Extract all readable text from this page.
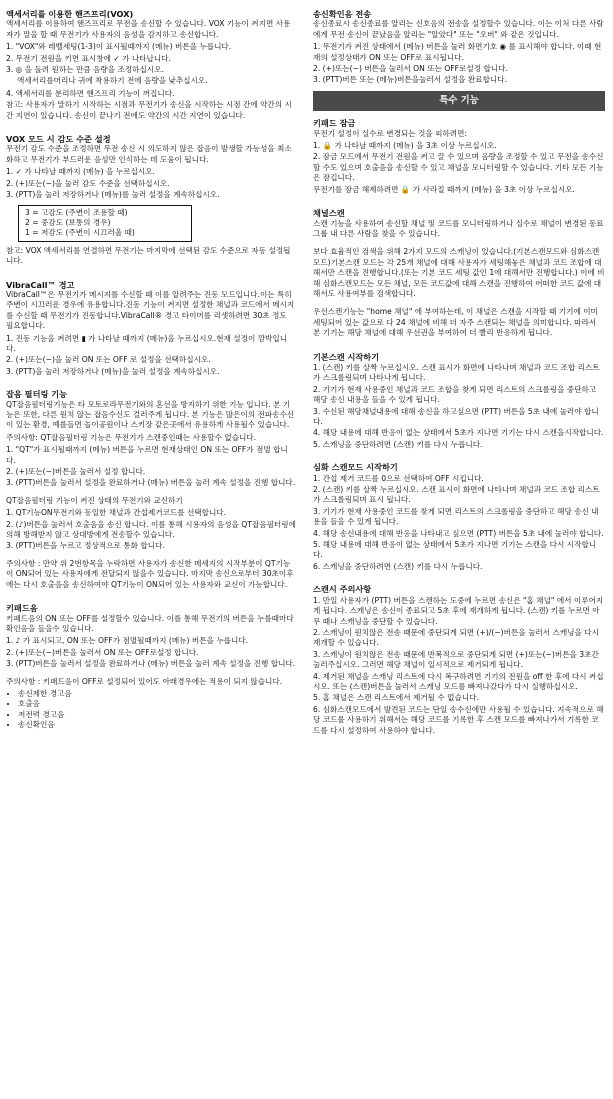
액세서리를 이용한 핸즈프리(VOX)
액세서리를 이용하여 핸즈프리로 무전을 송신할 수 있습니다. VOX 기능이 켜지면 사용자가 말을 할 때 무전기가 사용자의 음성을 감지하고 송신합니다.
1. "VOX"와 레벨세팅(1-3)이 표시될때까지 (메뉴) 버튼을 누릅니다.
2. 무전기 전원을 키면 표시창에 ✓ 가 나타납니다.
3. ◎ 을 돌려 원하는 만큼 음량을 조정하십시오.
액세서리를머리나 귀에 착용하기 전에 음량을 낮추십시오.
4. 액세서리를 분리하면 핸즈프리 기능이 꺼집니다.
참고: 사용자가 말하기 시작하는 시점과 무전기가 송신을 시작하는 시점 간에 약간의 시간 지연이 있습니다. 송신이 끝나기 전에도 약간의 시간 지연이 있습니다.
VOX 모드 시 감도 수준 설정
무전기 감도 수준을 조정하면 무전 송신 시 의도하지 않은 잡음이 발생할 가능성을 최소화하고 무전기가 부드러운 음성만 인식하는 데 도움이 됩니다.
1. ✓ 가 나타날 때까지 (메뉴) 을 누르십시오.
2. (+)또는(−)을 눌러 감도 수준을 선택하십시오.
3. (PTT)을 눌러 저장하거나 (메뉴)를 눌러 설정을 계속하십시오.
3 = 고감도 (주변이 조용할 때)
2 = 중감도 (보통의 경우)
1 = 저감도 (주변이 시끄러울 때)
참고: VOX 액세서리를 연결하면 무전기는 마지막에 선택된 감도 수준으로 자동 설정됩니다.
VibraCall™ 경고
VibraCall™은 무전기가 메시지를 수신할 때 이를 알려주는 진동 모드입니다.이는 특히 주변이 시끄러운 경우에 유용합니다.진동 기능이 켜지면 설정한 채널과 코드에서 메시지를 수신할 때 무전기가 진동합니다.VibraCall® 경고 타이머를 리셋하려면 30초 정도 필요합니다.
1. 진동 기능을 켜려면 ▮ 가 나타날 때까지 (메뉴)을 누르십시오.현재 설정이 깜박입니다.
2. (+)또는(−)을 눌러 ON 또는 OFF 로 설정을 선택하십시오.
3. (PTT)을 눌러 저장하거나 (메뉴)을 눌러 설정을 계속하십시오.
잡음 필터링 기능
QT잡음필터링기능은 타 모토로라무전기와의 혼선을 방지하기 위한 기능 입니다. 본 기능은 또한, 다른 원치 않는 잡음수신도 걸러주게 됩니다. 본 기능은 많은이의 전파송수신이 있는 환경, 예를들면 놀이공원이나 스키장 같은곳에서 유용하게 사용될수 있습니다.
주의사항: QT잡음필터링 기능은 무전기가 스캔중인때는 사용할수 없습니다.
1. "QT"가 표시될때까지 (메뉴) 버튼을 누르면 현재상태인 ON 또는 OFF가 점멸 합니다.
2. (+)또는(−)버튼을 눌러서 설정 합니다.
3. (PTT)버튼을 눌러서 설정을 완료하거나 (메뉴) 버튼을 눌러 계속 설정을 진행 합니다.
QT잡음필터링 기능이 켜진 상태의 무전기와 교신하기
1. QT기능ON무전기와 동일한 채널과 간섭제거코드를 선택합니다.
2. (♪)버튼을 눌러서 호출음을 송신 합니다. 이를 통해 시용자의 음성을 QT잡음필터링에 의해 방해받지 않고 상대방에게 전송할수 있습니다.
3. (PTT)버튼을 누르고 정상적으로 통화 합니다.
주의사항 : 만약 위 2번항목을 누락하면 사용자가 송신한 메세지의 시작부분이 QT기능이 ON되어 있는 사용자에게 전달되지 않을수 있습니다. 마지막 송신으로부터 30초이후에는 다시 호출음을 송신하여야 QT기능이 ON되어 있는 사용자와 교신이 가능합니다.
키패드음
키패드음의 ON 또는 OFF를 설정할수 있습니다. 이를 통해 무전기의 버튼을 누를때마다 확인음을 들을수 있습니다.
1. ♪ 가 표시되고, ON 또는 OFF가 점멸될때까지 (메뉴) 버튼을 누릅니다.
2. (+)또는(−)버튼을 눌러서 ON 또는 OFF로설정 합니다.
3. (PTT)버튼을 눌러서 설정을 완료하거나 (메뉴) 버튼을 눌러 계속 설정을 진행 합니다.
주의사항 : 키패드음이 OFF로 설정되어 있어도 아래경우에는 적용이 되지 않습니다.
• 송신제한 경고음
• 호출음
• 저전력 경고음
• 송신확인음
송신확인음 전송
송신종료시 송신종료를 알리는 신호음의 전송을 설정할수 있습니다. 이는 이처 다른 사람에게 무전 송신이 끝났음을 알리는 "알았다" 또는 "오버" 와 같은 것입니다.
1. 무전기가 켜진 상태에서 (메뉴) 버튼을 눌러 화면기호 ◉ 를 표시해야 합니다. 이때 현재의 설정상태가 ON 또는 OFF로 표시됩니다.
2. (+)또는(−) 버튼을 눌러서 ON 또는 OFF로설정 합니다.
3. (PTT)버튼 또는 (메뉴)버튼을눌러서 설정을 완료합니다.
특수 기능
키패드 잠금
무전기 설정이 실수로 변경되는 것을 피하려면:
1. 🔒 가 나타날 때까지 (메뉴) 을 3초 이상 누르십시오.
2. 잠금 모드에서 무전기 전원을 켜고 끌 수 있으며 음량을 조정할 수 있고 무전을 송수신할 수도 있으며 호출음을 송신할 수 있고 채널을 모니터링할 수 있습니다. 기타 모든 기능은 잠깁니다.
무전기를 잠금 해제하려면 🔒 가 사라질 때까지 (메뉴) 을 3초 이상 누르십시오.
채널스캔
스캔 기능을 사용하여 송신할 채널 및 코드를 모니터링하거나 실수로 채널이 변경된 동료 그룹 내 다른 사람을 찾을 수 있습니다.
보다 효율적인 검색을 위해 2가지 모드의 스캐닝이 있습니다.(기본스캔모드와 심화스캔모드)기본스캔 모드는 각 25개 채널에 대해 사용자가 세팅해놓은 채널과 코드 조합에 대해서만 스캔을 진행합니다.(또는 기본 코드 세팅 값인 1에 대해서만 진행합니다.) 이에 비해 심화스캔모드는 모든 채널, 모든 코드값에 대해 스캔을 진행하여 어떠한 코드 값에 대해서도 사용여부를 검색합니다.
우선스캔기능는 "home 채널" 에 부여하는데, 이 채널은 스캔을 시작할 때 기기에 이미 세팅되어 있는 값으로 다 24 채널에 비해 더 자주 스캔되는 채널을 의미합니다. 따라서 본 기기는 해당 채널에 대해 우선권을 부여하여 더 빨리 반응하게 됩니다.
기본스캔 시작하기
1. (스캔) 키를 살짝 누르십시오. 스캔 표시가 화면에 나타나며 채널과 코드 조합 리스트가 스크롤링되며 나타나게 됩니다.
2. 기기가 현재 사용중인 채널과 코드 조합을 찾게 되면 리스트의 스크롤링을 중단하고 해당 송신 내용을 들을 수 있게 됩니다.
3. 수신된 해당채널내용에 대해 송신을 하고싶으면 (PTT) 버튼을 5초 내에 눌러야 합니다.
4. 해당 내용에 대해 반응이 없는 상태에서 5초가 지나면 기기는 다시 스캔을시작합니다.
5. 스캐닝을 중단하려면 (스캔) 키를 다시 누릅니다.
심화 스캔모드 시작하기
1. 간섭 제거 코드를 0으로 선택하여 OFF 시킵니다.
2. (스캔) 키를 살짝 누르십시오. 스캔 표시이 화면에 나타나며 채널과 코드 조합 리스트가 스크롤링되며 표시 됩니다.
3. 기기가 현재 사용중인 코드를 찾게 되면 리스트의 스크롤링을 중단하고 해당 송신 내용을 들을 수 있게 됩니다.
4. 해당 송신내용에 대해 반응을 나타내고 싶으면 (PTT) 버튼을 5초 내에 눌러야 합니다.
5. 해당 내용에 대해 반응이 없는 상태에서 5초가 지나면 기기는 스캔을 다시 시작합니다.
6. 스캐닝을 중단하려면 (스캔) 키를 다시 누릅니다.
스캔시 주의사항
1. 만일 사용자가 (PTT) 버튼을 스캔하는 도중에 누르면 송신은 "홈 채널" 에서 이루어지게 됩니다. 스캐닝은 송신이 종료되고 5초 후에 재개하게 됩니다. (스캔) 키를 누르면 아무 때나 스캐닝을 중단할 수 있습니다.
2. 스캐닝이 원치않은 전송 때문에 중단되게 되면 (+)/(−)버튼을 눌러서 스캐닝을 다시 재개할 수 있습니다.
3. 스캐닝이 원치않은 전송 때문에 반복적으로 중단되게 되면 (+)또는(−)버튼을 3초간 눌러주십시오. 그러면 해당 채널이 일시적으로 제거되게 됩니다.
4. 제거된 채널을 스캐닝 리스트에 다시 복구하려면 기기의 전원을 off 한 후에 다시 켜십시오. 또는 (스캔)버튼을 눌러서 스캐닝 모드를 빠져나갔다가 다시 실행하십시오.
5. 홈 채널은 스캔 리스트에서 제거될 수 없습니다.
6. 심화스캔모드에서 발견된 코드는 단일 송수신에만 사용될 수 있습니다. 지속적으로 해당 코드를 사용하기 위해서는 해당 코드를 기록한 후 스캔 모드를 빠져나가서 기록한 코드를 다시 설정하여 사용하야 합니다.
